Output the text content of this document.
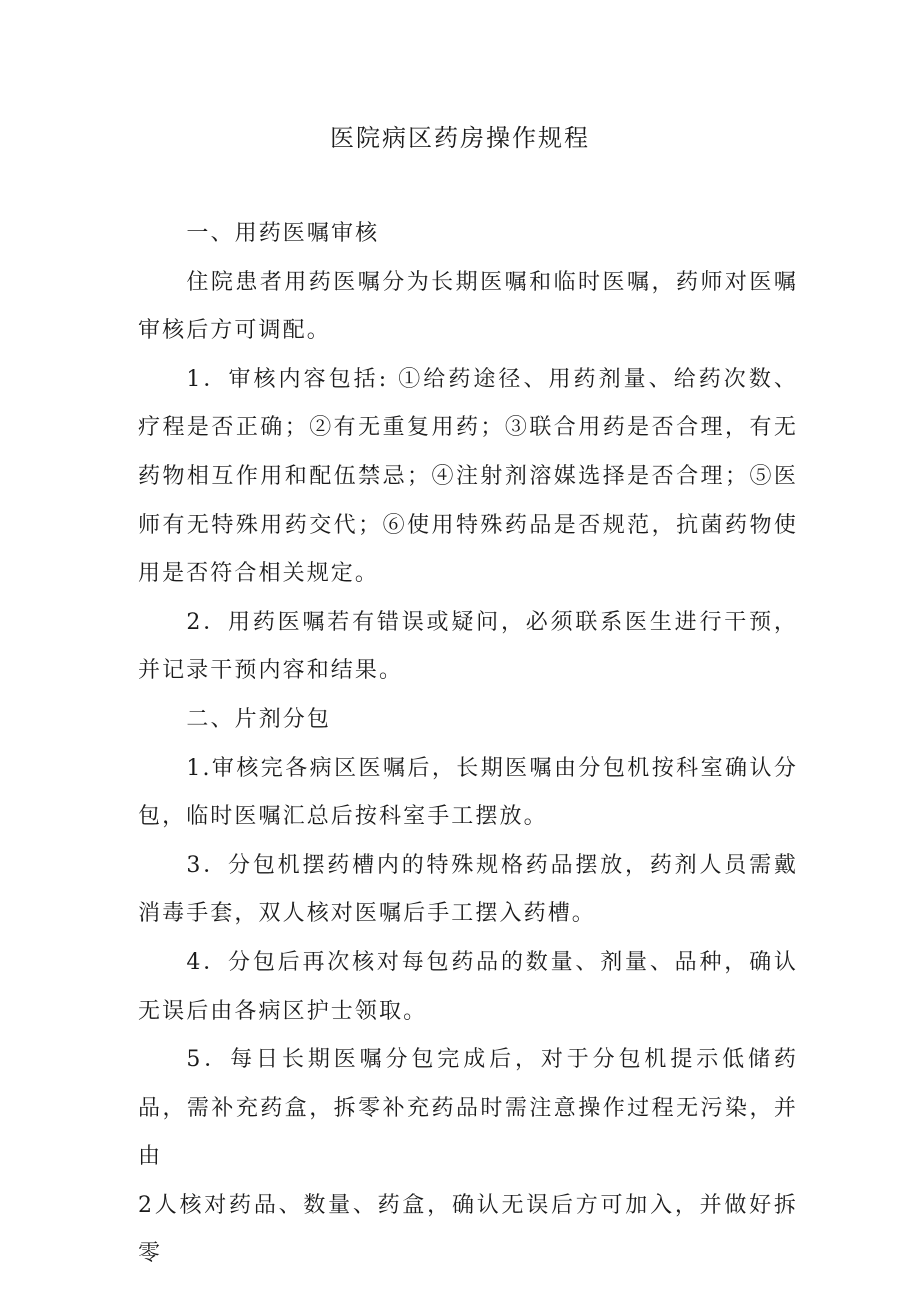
医院病区药房操作规程

一、用药医嘱审核

住院患者用药医嘱分为长期医嘱和临时医嘱，药师对医嘱审核后方可调配。

1．审核内容包括: ①给药途径、用药剂量、给药次数、疗程是否正确；②有无重复用药；③联合用药是否合理，有无药物相互作用和配伍禁忌；④注射剂溶媒选择是否合理；⑤医师有无特殊用药交代；⑥使用特殊药品是否规范，抗菌药物使用是否符合相关规定。

2．用药医嘱若有错误或疑问，必须联系医生进行干预，并记录干预内容和结果。

二、片剂分包

1.审核完各病区医嘱后，长期医嘱由分包机按科室确认分包，临时医嘱汇总后按科室手工摆放。

3．分包机摆药槽内的特殊规格药品摆放，药剂人员需戴消毒手套，双人核对医嘱后手工摆入药槽。

4．分包后再次核对每包药品的数量、剂量、品种，确认无误后由各病区护士领取。

5．每日长期医嘱分包完成后，对于分包机提示低储药品，需补充药盒，拆零补充药品时需注意操作过程无污染，并由

2人核对药品、数量、药盒，确认无误后方可加入，并做好拆零
